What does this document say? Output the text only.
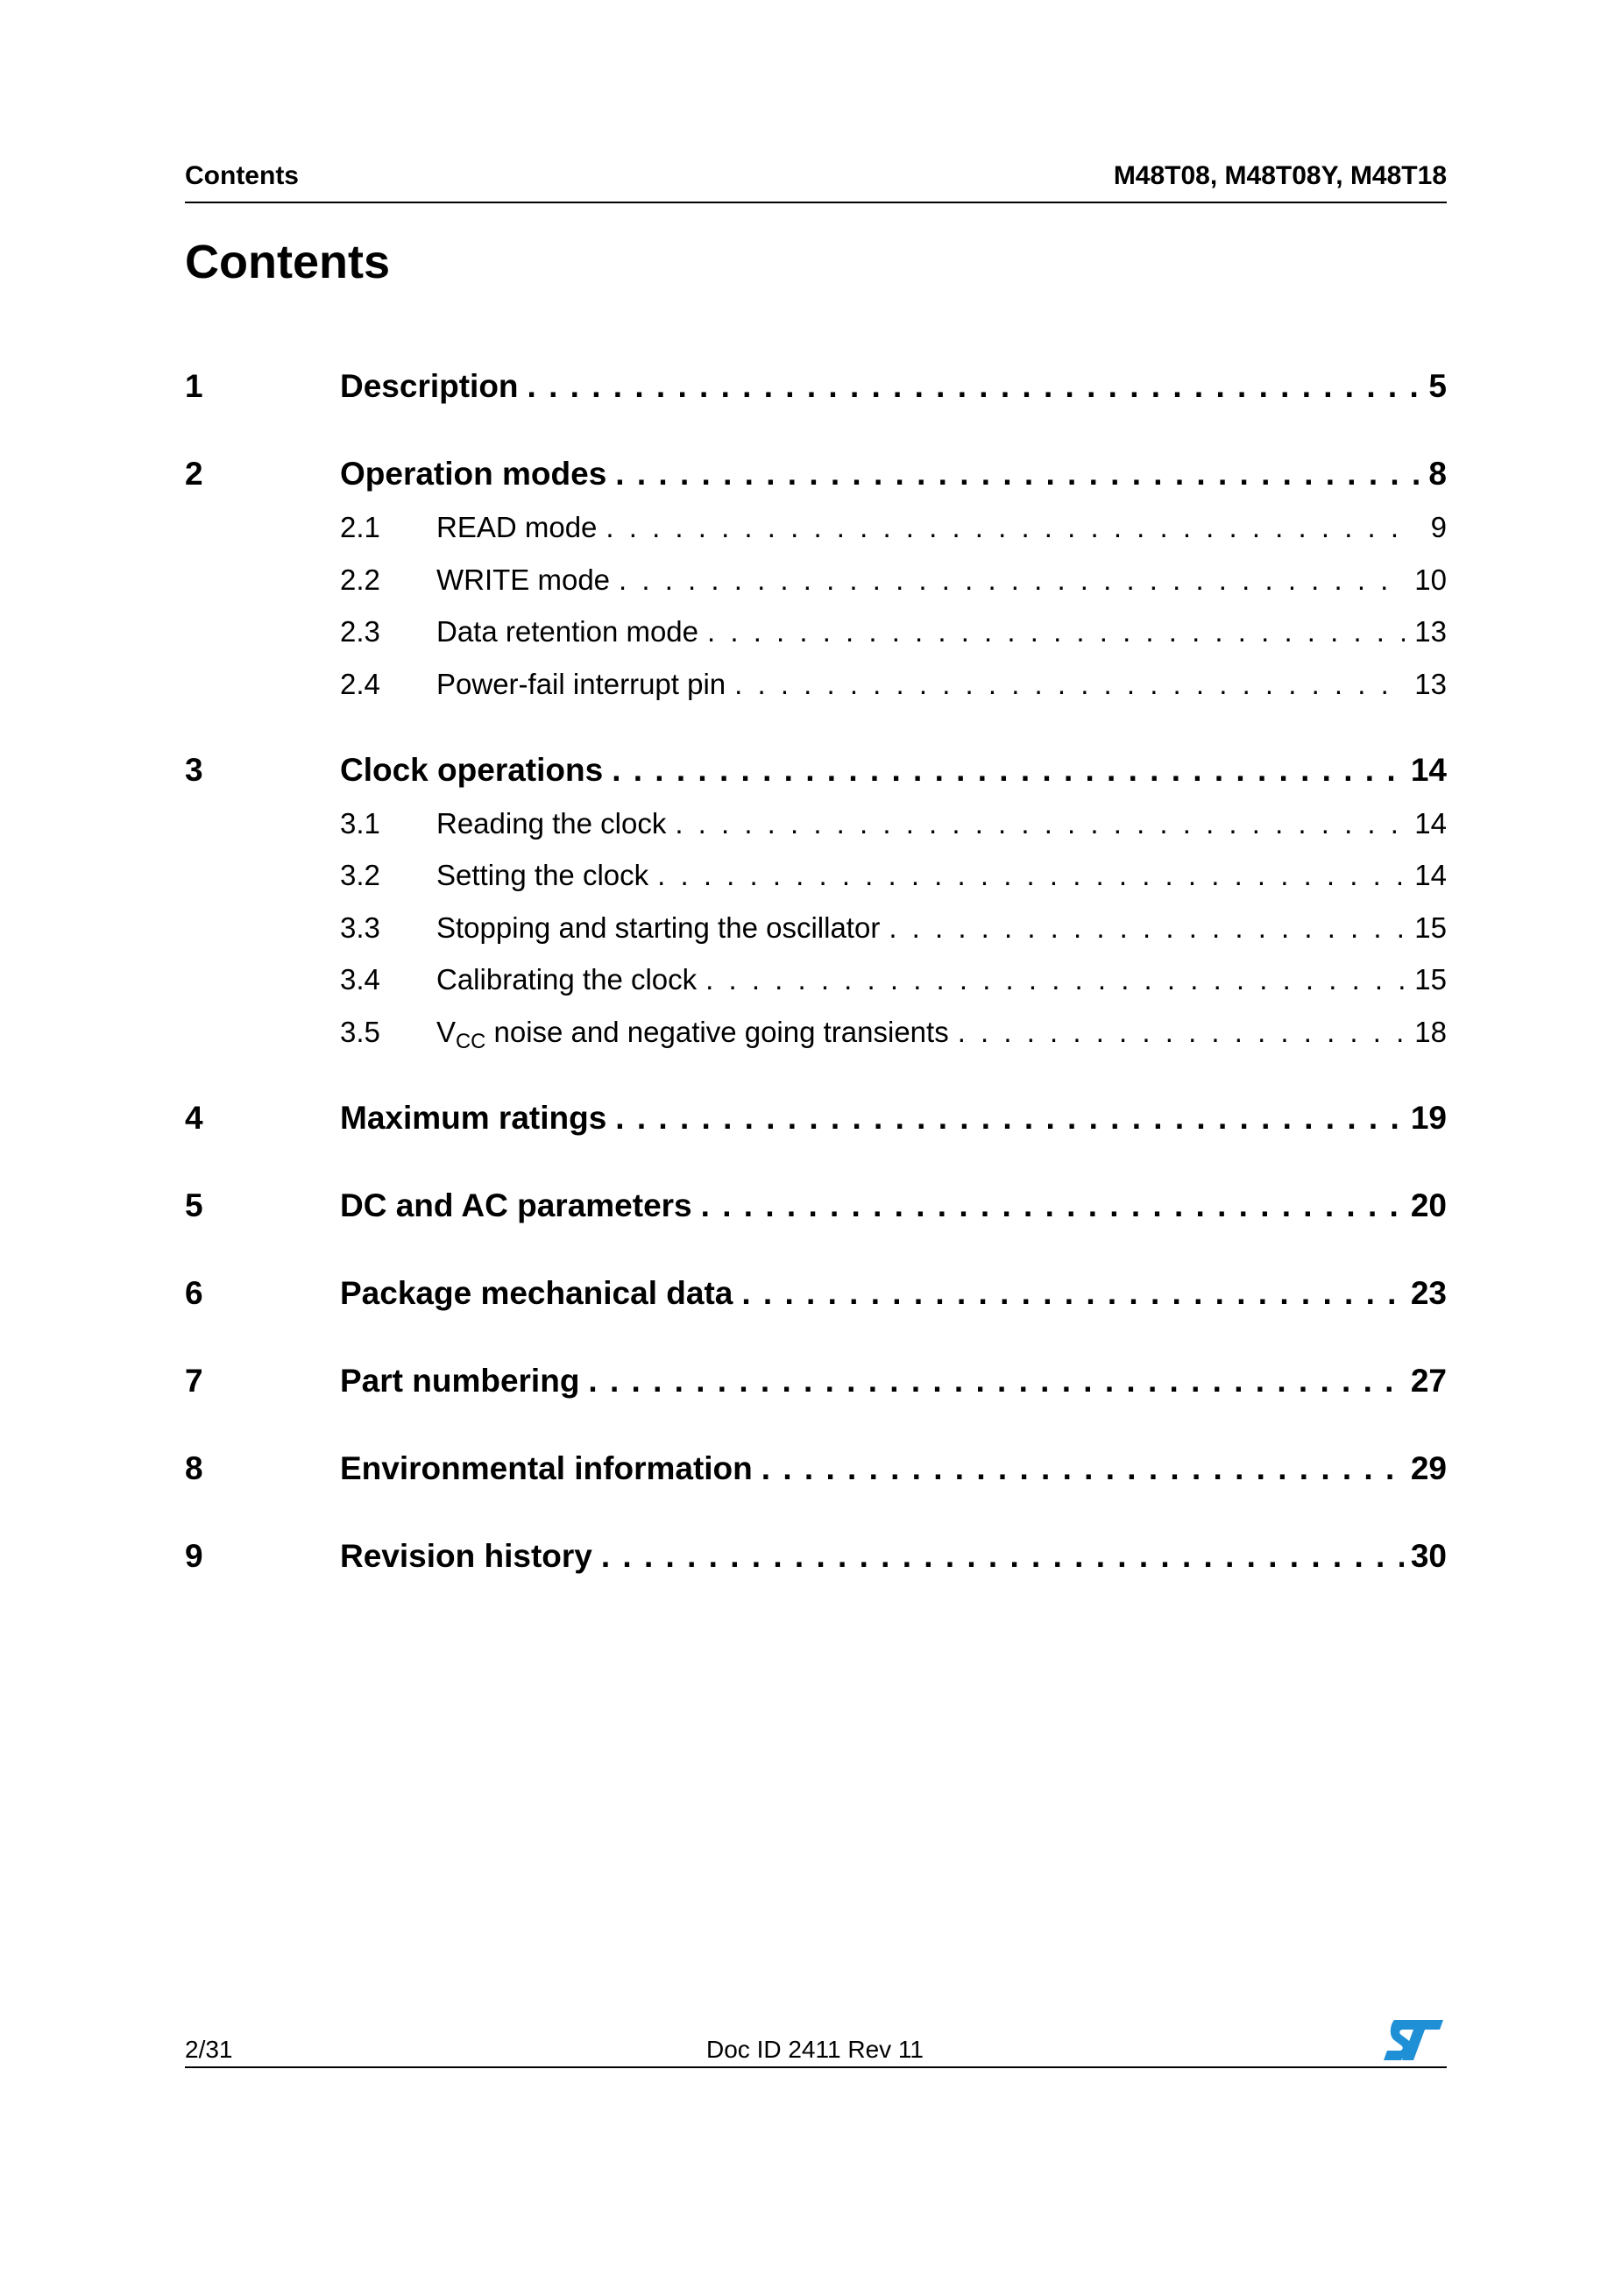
Contents	M48T08, M48T08Y, M48T18
Contents
1	Description . . .	5
2	Operation modes . . .	8
2.1	READ mode . . .	9
2.2	WRITE mode . . .	10
2.3	Data retention mode . . .	13
2.4	Power-fail interrupt pin . . .	13
3	Clock operations . . .	14
3.1	Reading the clock . . .	14
3.2	Setting the clock . . .	14
3.3	Stopping and starting the oscillator . . .	15
3.4	Calibrating the clock . . .	15
3.5	$V_{CC}$ noise and negative going transients . . .	18
4	Maximum ratings . . .	19
5	DC and AC parameters . . .	20
6	Package mechanical data . . .	23
7	Part numbering . . .	27
8	Environmental information . . .	29
9	Revision history . . .	30
2/31	Doc ID 2411 Rev 11
